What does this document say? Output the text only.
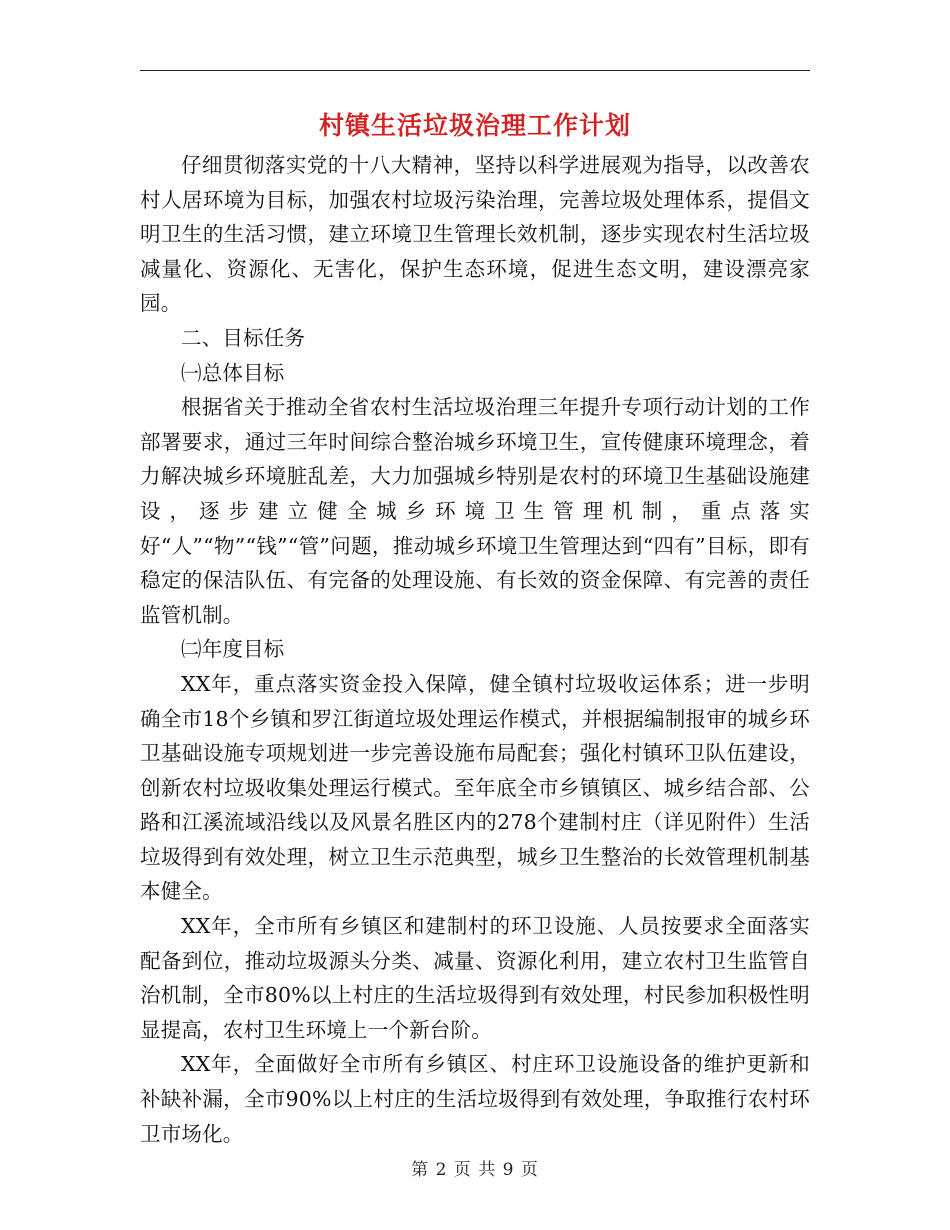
村镇生活垃圾治理工作计划

仔细贯彻落实党的十八大精神，坚持以科学进展观为指导，以改善农村人居环境为目标，加强农村垃圾污染治理，完善垃圾处理体系，提倡文明卫生的生活习惯，建立环境卫生管理长效机制，逐步实现农村生活垃圾减量化、资源化、无害化，保护生态环境，促进生态文明，建设漂亮家园。

二、目标任务

㈠总体目标

根据省关于推动全省农村生活垃圾治理三年提升专项行动计划的工作部署要求，通过三年时间综合整治城乡环境卫生，宣传健康环境理念，着力解决城乡环境脏乱差，大力加强城乡特别是农村的环境卫生基础设施建设，逐步建立健全城乡环境卫生管理机制，重点落实好“人”“物”“钱”“管”问题，推动城乡环境卫生管理达到“四有”目标，即有稳定的保洁队伍、有完备的处理设施、有长效的资金保障、有完善的责任监管机制。

㈡年度目标

XX年，重点落实资金投入保障，健全镇村垃圾收运体系；进一步明确全市18个乡镇和罗江街道垃圾处理运作模式，并根据编制报审的城乡环卫基础设施专项规划进一步完善设施布局配套；强化村镇环卫队伍建设，创新农村垃圾收集处理运行模式。至年底全市乡镇镇区、城乡结合部、公路和江溪流域沿线以及风景名胜区内的278个建制村庄（详见附件）生活垃圾得到有效处理，树立卫生示范典型，城乡卫生整治的长效管理机制基本健全。

XX年，全市所有乡镇区和建制村的环卫设施、人员按要求全面落实配备到位，推动垃圾源头分类、减量、资源化利用，建立农村卫生监管自治机制，全市80%以上村庄的生活垃圾得到有效处理，村民参加积极性明显提高，农村卫生环境上一个新台阶。

XX年，全面做好全市所有乡镇区、村庄环卫设施设备的维护更新和补缺补漏，全市90%以上村庄的生活垃圾得到有效处理，争取推行农村环卫市场化。

第 2 页 共 9 页
